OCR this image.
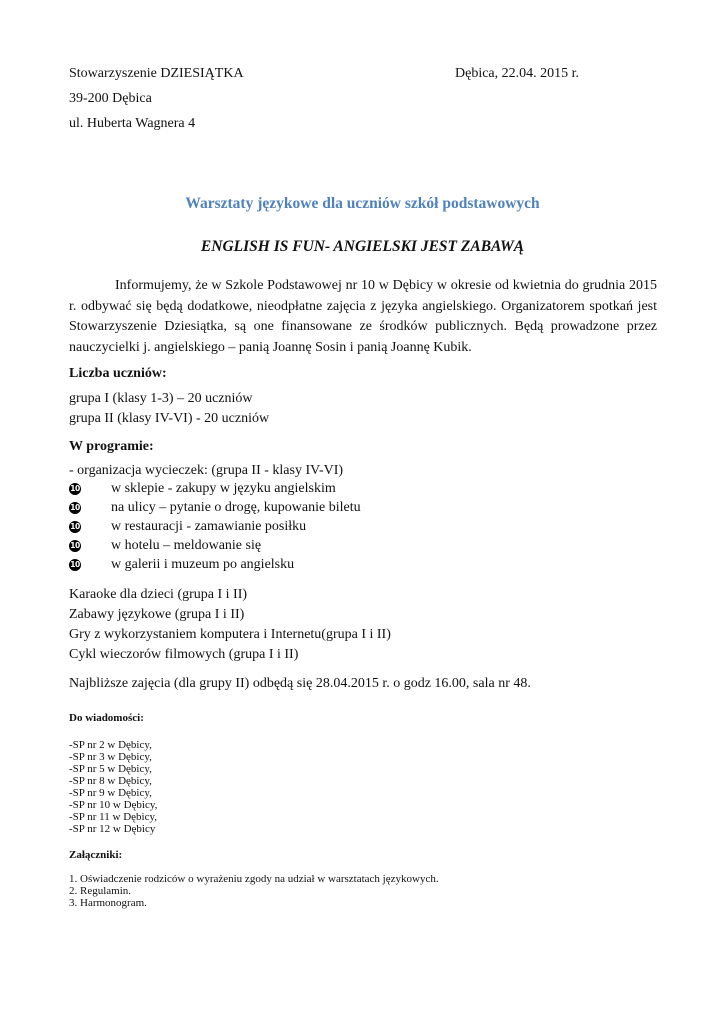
Stowarzyszenie DZIESIĄTKA	Dębica, 22.04. 2015 r.
39-200 Dębica
ul. Huberta Wagnera 4
Warsztaty językowe dla uczniów szkół podstawowych
ENGLISH IS FUN- ANGIELSKI JEST ZABAWĄ

Informujemy, że w Szkole Podstawowej nr 10 w Dębicy w okresie od kwietnia do grudnia 2015 r. odbywać się będą dodatkowe, nieodpłatne zajęcia z języka angielskiego. Organizatorem spotkań jest Stowarzyszenie Dziesiątka, są one finansowane ze środków publicznych. Będą prowadzone przez nauczycielki j. angielskiego – panią Joannę Sosin i panią Joannę Kubik.

Liczba uczniów:
grupa I (klasy 1-3) – 20 uczniów
grupa II (klasy IV-VI) - 20 uczniów
W programie:
- organizacja wycieczek: (grupa II - klasy IV-VI)
10 w sklepie - zakupy w języku angielskim
10 na ulicy – pytanie o drogę, kupowanie biletu
10 w restauracji - zamawianie posiłku
10 w hotelu – meldowanie się
10 w galerii i muzeum po angielsku
Karaoke dla dzieci (grupa I i II)
Zabawy językowe (grupa I i II)
Gry z wykorzystaniem komputera i Internetu(grupa I i II)
Cykl wieczorów filmowych (grupa I i II)
Najbliższe zajęcia (dla grupy II) odbędą się 28.04.2015 r. o godz 16.00, sala nr 48.
Do wiadomości:
-SP nr 2 w Dębicy,
-SP nr 3 w Dębicy,
-SP nr 5 w Dębicy,
-SP nr 8 w Dębicy,
-SP nr 9 w Dębicy,
-SP nr 10 w Dębicy,
-SP nr 11 w Dębicy,
-SP nr 12 w Dębicy
Załączniki:
1. Oświadczenie rodziców o wyrażeniu zgody na udział w warsztatach językowych.
2. Regulamin.
3. Harmonogram.
